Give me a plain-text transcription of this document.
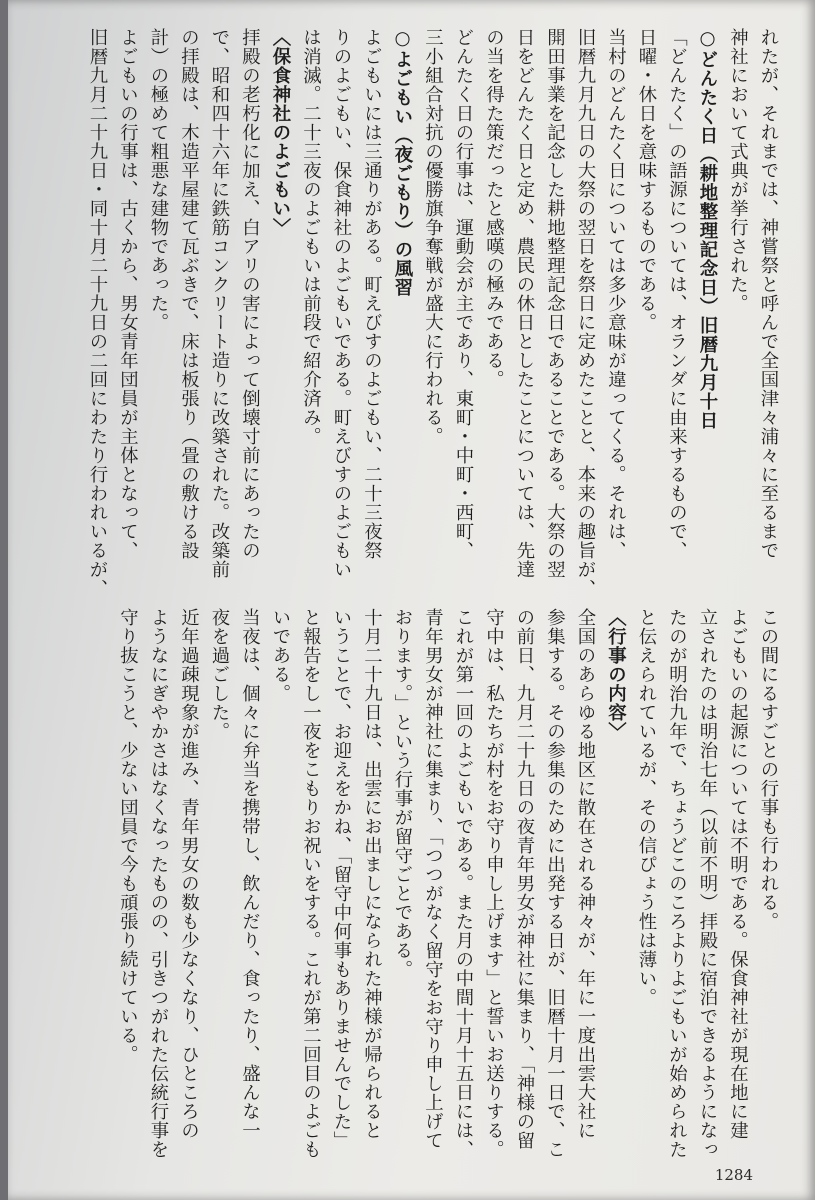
れたが、それまでは、神嘗祭と呼んで全国津々浦々に至るまで
神社において式典が挙行された。
○どんたく日（耕地整理記念日）旧暦九月十日
「どんたく」の語源については、オランダに由来するもので、
日曜・休日を意味するものである。
当村のどんたく日については多少意味が違ってくる。それは、
旧暦九月九日の大祭の翌日を祭日に定めたことと、本来の趣旨が、
開田事業を記念した耕地整理記念日であることである。大祭の翌
日をどんたく日と定め、農民の休日としたことについては、先達
の当を得た策だったと感嘆の極みである。
どんたく日の行事は、運動会が主であり、東町・中町・西町、
三小組合対抗の優勝旗争奪戦が盛大に行われる。
○よごもい（夜ごもり）の風習
よごもいには三通りがある。町えびすのよごもい、二十三夜祭
りのよごもい、保食神社のよごもいである。町えびすのよごもい
は消滅。二十三夜のよごもいは前段で紹介済み。
〈保食神社のよごもい〉
拝殿の老朽化に加え、白アリの害によって倒壊寸前にあったの
で、昭和四十六年に鉄筋コンクリート造りに改築された。改築前
の拝殿は、木造平屋建て瓦ぶきで、床は板張り（畳の敷ける設
計）の極めて粗悪な建物であった。
よごもいの行事は、古くから、男女青年団員が主体となって、
旧暦九月二十九日・同十月二十九日の二回にわたり行われいるが、
この間にるすごとの行事も行われる。
よごもいの起源については不明である。保食神社が現在地に建
立されたのは明治七年（以前不明）拝殿に宿泊できるようになっ
たのが明治九年で、ちょうどこのころよりよごもいが始められた
と伝えられているが、その信ぴょう性は薄い。
〈行事の内容〉
全国のあらゆる地区に散在される神々が、年に一度出雲大社に
参集する。その参集のために出発する日が、旧暦十月一日で、こ
の前日、九月二十九日の夜青年男女が神社に集まり、「神様の留
守中は、私たちが村をお守り申し上げます」と誓いお送りする。
これが第一回のよごもいである。また月の中間十月十五日には、
青年男女が神社に集まり、「つつがなく留守をお守り申し上げて
おります。」という行事が留守ごとである。
十月二十九日は、出雲にお出ましになられた神様が帰られると
いうことで、お迎えをかね、「留守中何事もありませんでした」
と報告をし一夜をこもりお祝いをする。これが第二回目のよごも
いである。
当夜は、個々に弁当を携帯し、飲んだり、食ったり、盛んな一
夜を過ごした。
近年過疎現象が進み、青年男女の数も少なくなり、ひところの
ようなにぎやかさはなくなったものの、引きつがれた伝統行事を
守り抜こうと、少ない団員で今も頑張り続けている。
1284
